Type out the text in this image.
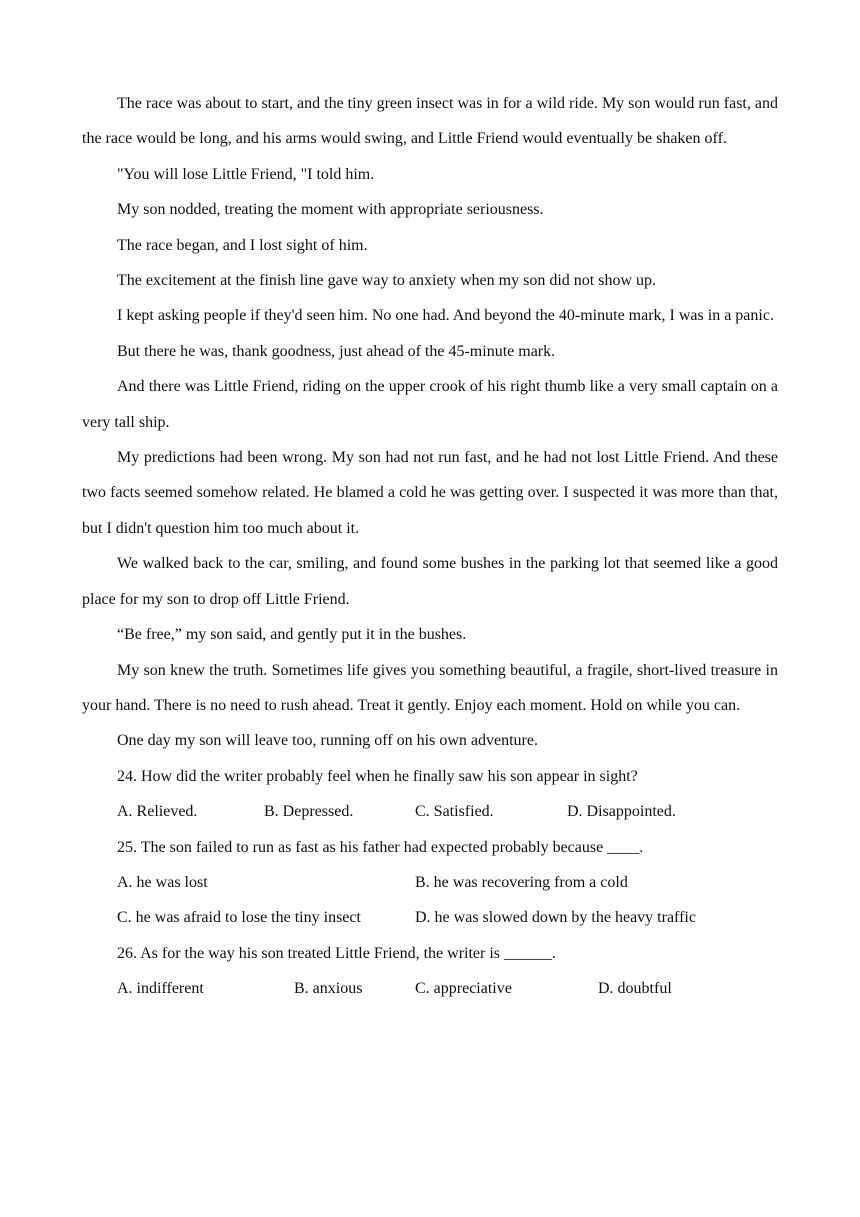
The race was about to start, and the tiny green insect was in for a wild ride. My son would run fast, and the race would be long, and his arms would swing, and Little Friend would eventually be shaken off.

"You will lose Little Friend, "I told him.

My son nodded, treating the moment with appropriate seriousness.

The race began, and I lost sight of him.

The excitement at the finish line gave way to anxiety when my son did not show up.

I kept asking people if they'd seen him. No one had. And beyond the 40-minute mark, I was in a panic.

But there he was, thank goodness, just ahead of the 45-minute mark.

And there was Little Friend, riding on the upper crook of his right thumb like a very small captain on a very tall ship.

My predictions had been wrong. My son had not run fast, and he had not lost Little Friend. And these two facts seemed somehow related. He blamed a cold he was getting over. I suspected it was more than that, but I didn't question him too much about it.

We walked back to the car, smiling, and found some bushes in the parking lot that seemed like a good place for my son to drop off Little Friend.

“Be free,” my son said, and gently put it in the bushes.

My son knew the truth. Sometimes life gives you something beautiful, a fragile, short-lived treasure in your hand. There is no need to rush ahead. Treat it gently. Enjoy each moment. Hold on while you can.

One day my son will leave too, running off on his own adventure.

24. How did the writer probably feel when he finally saw his son appear in sight?
A. Relieved.	B. Depressed.	C. Satisfied.	D. Disappointed.
25. The son failed to run as fast as his father had expected probably because ____.
A. he was lost	B. he was recovering from a cold
C. he was afraid to lose the tiny insect	D. he was slowed down by the heavy traffic
26. As for the way his son treated Little Friend, the writer is ______.
A. indifferent	B. anxious	C. appreciative	D. doubtful
